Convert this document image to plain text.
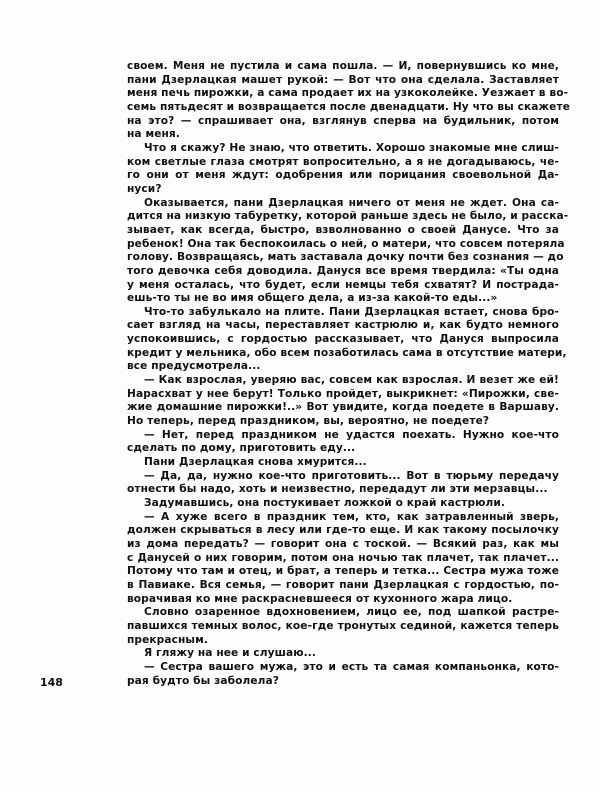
своем. Меня не пустила и сама пошла. — И, повернувшись ко мне,
пани Дзерлацкая машет рукой: — Вот что она сделала. Заставляет
меня печь пирожки, а сама продает их на узкоколейке. Уезжает в во-
семь пятьдесят и возвращается после двенадцати. Ну что вы скажете
на это? — спрашивает она, взглянув сперва на будильник, потом
на меня.
Что я скажу? Не знаю, что ответить. Хорошо знакомые мне слиш-
ком светлые глаза смотрят вопросительно, а я не догадываюсь, че-
го они от меня ждут: одобрения или порицания своевольной Да-
нуси?
Оказывается, пани Дзерлацкая ничего от меня не ждет. Она са-
дится на низкую табуретку, которой раньше здесь не было, и расска-
зывает, как всегда, быстро, взволнованно о своей Данусе. Что за
ребенок! Она так беспокоилась о ней, о матери, что совсем потеряла
голову. Возвращаясь, мать заставала дочку почти без сознания — до
того девочка себя доводила. Дануся все время твердила: «Ты одна
у меня осталась, что будет, если немцы тебя схватят? И пострада-
ешь-то ты не во имя общего дела, а из-за какой-то еды...»
Что-то забулькало на плите. Пани Дзерлацкая встает, снова бро-
сает взгляд на часы, переставляет кастрюлю и, как будто немного
успокоившись, с гордостью рассказывает, что Дануся выпросила
кредит у мельника, обо всем позаботилась сама в отсутствие матери,
все предусмотрела...
— Как взрослая, уверяю вас, совсем как взрослая. И везет же ей!
Нарасхват у нее берут! Только пройдет, выкрикнет: «Пирожки, све-
жие домашние пирожки!..» Вот увидите, когда поедете в Варшаву.
Но теперь, перед праздником, вы, вероятно, не поедете?
— Нет, перед праздником не удастся поехать. Нужно кое-что
сделать по дому, приготовить еду...
Пани Дзерлацкая снова хмурится...
— Да, да, нужно кое-что приготовить... Вот в тюрьму передачу
отнести бы надо, хоть и неизвестно, передадут ли эти мерзавцы...
Задумавшись, она постукивает ложкой о край кастрюли.
— А хуже всего в праздник тем, кто, как затравленный зверь,
должен скрываться в лесу или где-то еще. И как такому посылочку
из дома передать? — говорит она с тоской. — Всякий раз, как мы
с Данусей о них говорим, потом она ночью так плачет, так плачет...
Потому что там и отец, и брат, а теперь и тетка... Сестра мужа тоже
в Павиаке. Вся семья, — говорит пани Дзерлацкая с гордостью, по-
ворачивая ко мне раскрасневшееся от кухонного жара лицо.
Словно озаренное вдохновением, лицо ее, под шапкой растре-
павшихся темных волос, кое-где тронутых сединой, кажется теперь
прекрасным.
Я гляжу на нее и слушаю...
— Сестра вашего мужа, это и есть та самая компаньонка, кото-
рая будто бы заболела?
148
